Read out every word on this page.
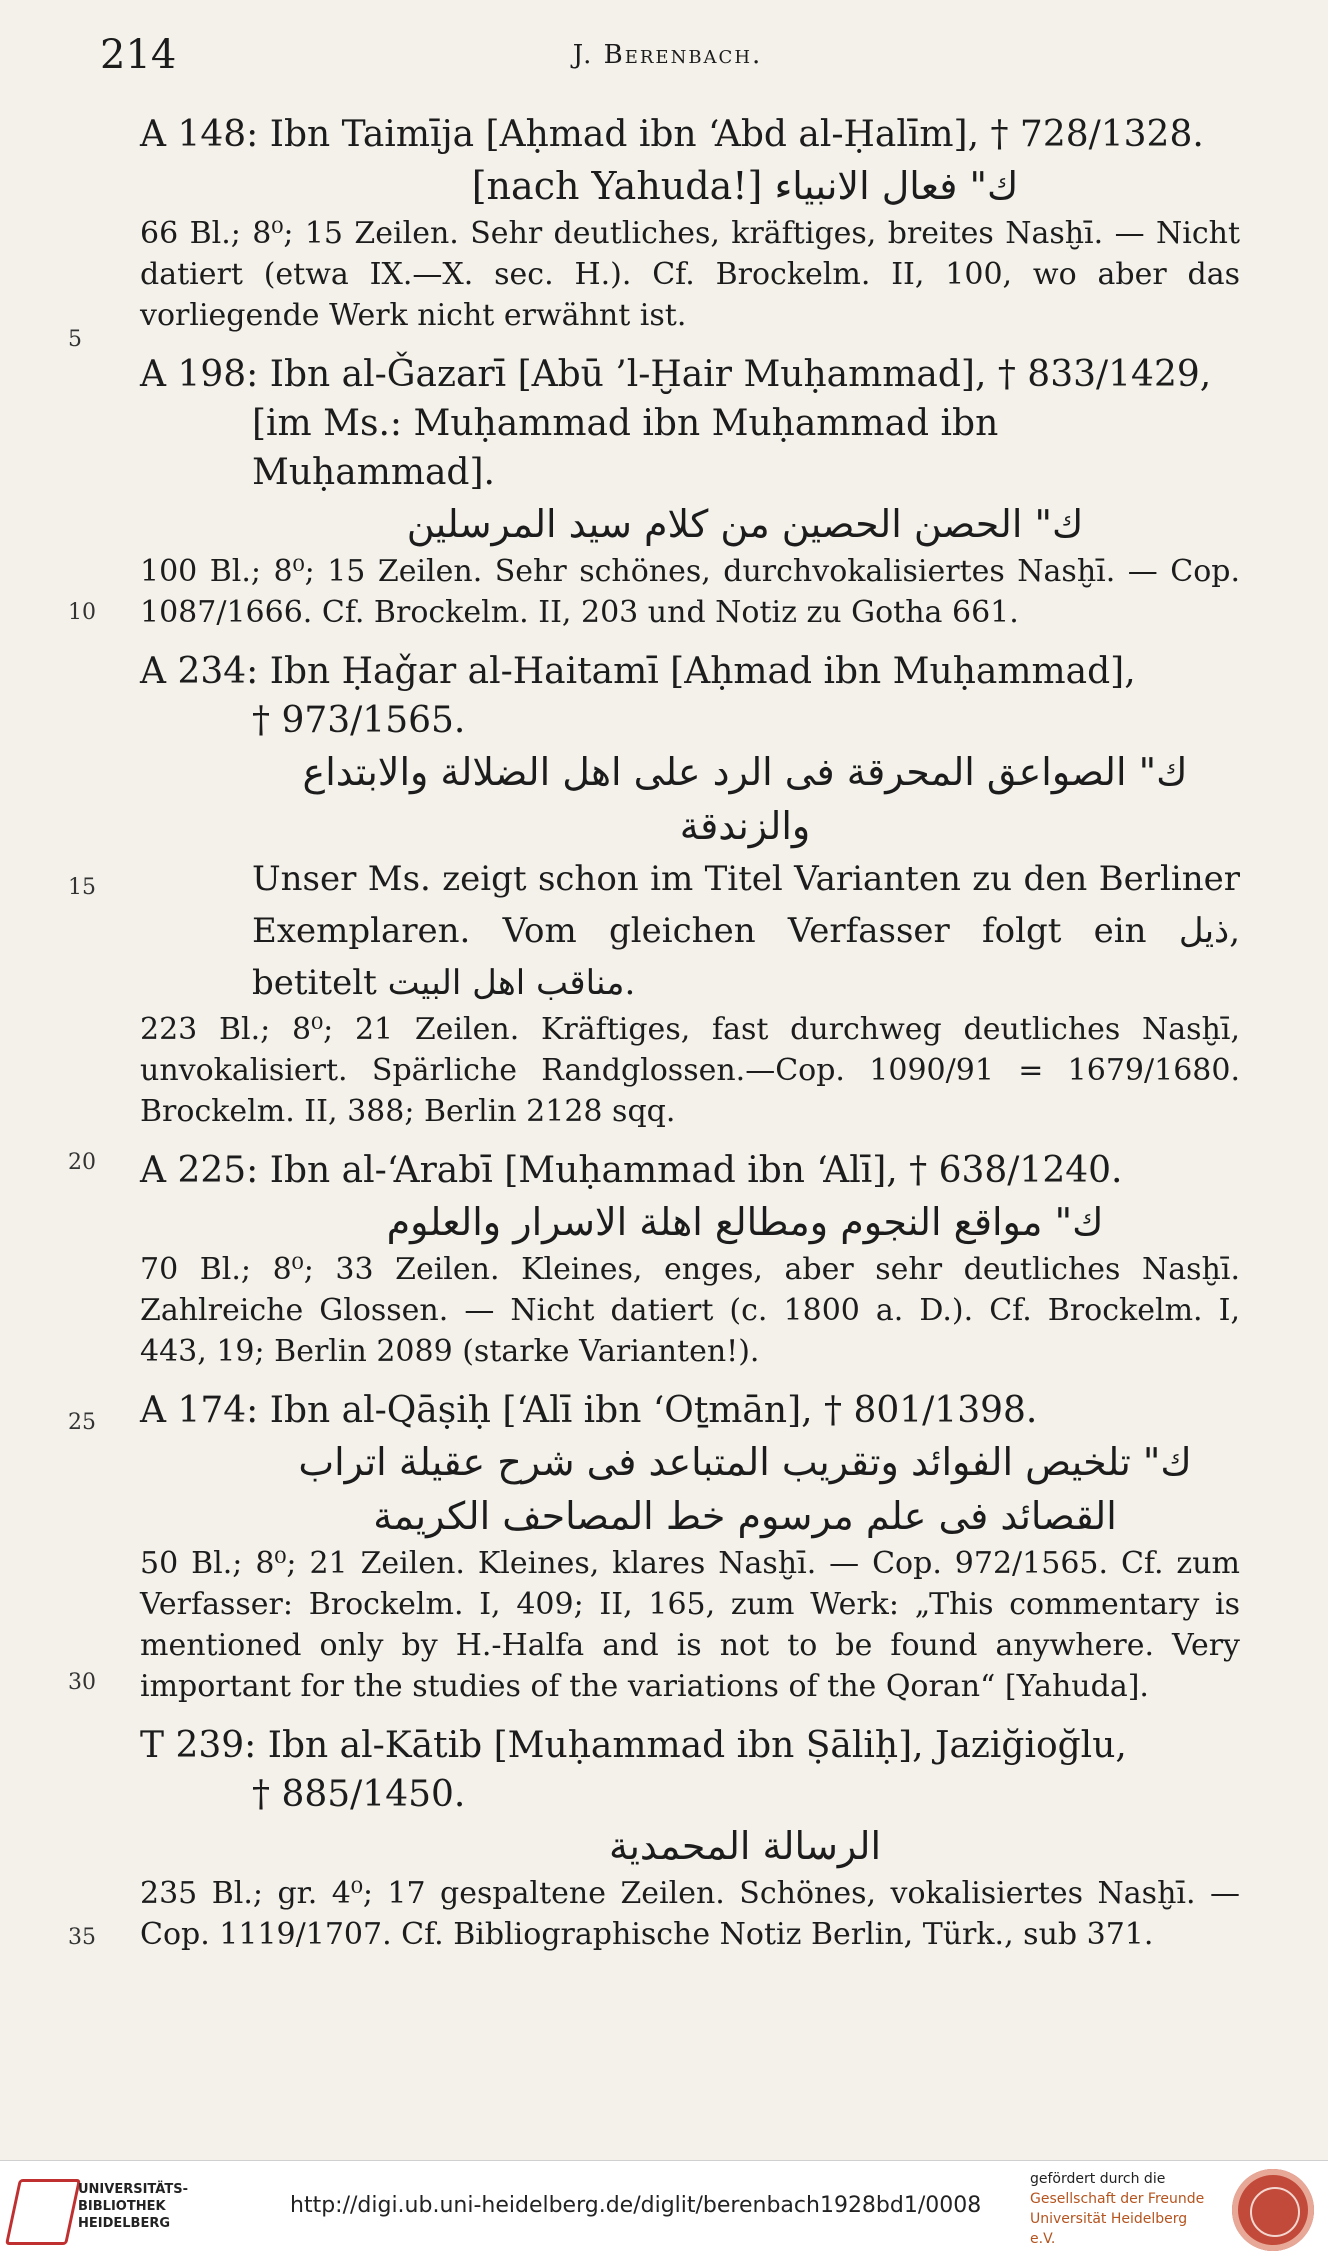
214	J. Berenbach.
5
10
15
20
25
30
35
A 148: Ibn Taimīja [Aḥmad ibn ‘Abd al-Ḥalīm], † 728/1328.
ك" فعال الانبياء [nach Yahuda!]
66 Bl.; 8⁰; 15 Zeilen. Sehr deutliches, kräftiges, breites Nasḫī. — Nicht datiert (etwa IX.—X. sec. H.). Cf. Brockelm. II, 100, wo aber das vorliegende Werk nicht erwähnt ist.
A 198: Ibn al-Ǧazarī [Abū ’l-Ḫair Muḥammad], † 833/1429,
[im Ms.: Muḥammad ibn Muḥammad ibn Muḥammad].
ك" الحصن الحصين من كلام سيد المرسلين
100 Bl.; 8⁰; 15 Zeilen. Sehr schönes, durchvokalisiertes Nasḫī. — Cop. 1087/1666. Cf. Brockelm. II, 203 und Notiz zu Gotha 661.
A 234: Ibn Ḥaǧar al-Haitamī [Aḥmad ibn Muḥammad],
† 973/1565.
ك" الصواعق المحرقة فى الرد على اهل الضلالة والابتداع والزندقة
Unser Ms. zeigt schon im Titel Varianten zu den Berliner Exemplaren. Vom gleichen Verfasser folgt ein ذيل, betitelt مناقب اهل البيت.
223 Bl.; 8⁰; 21 Zeilen. Kräftiges, fast durchweg deutliches Nasḫī, unvokalisiert. Spärliche Randglossen.—Cop. 1090/91 = 1679/1680. Brockelm. II, 388; Berlin 2128 sqq.
A 225: Ibn al-‘Arabī [Muḥammad ibn ‘Alī], † 638/1240.
ك" مواقع النجوم ومطالع اهلة الاسرار والعلوم
70 Bl.; 8⁰; 33 Zeilen. Kleines, enges, aber sehr deutliches Nasḫī. Zahlreiche Glossen. — Nicht datiert (c. 1800 a. D.). Cf. Brockelm. I, 443, 19; Berlin 2089 (starke Varianten!).
A 174: Ibn al-Qāṣiḥ [‘Alī ibn ‘Oṯmān], † 801/1398.
ك" تلخيص الفوائد وتقريب المتباعد فى شرح عقيلة اتراب
القصائد فى علم مرسوم خط المصاحف الكريمة
50 Bl.; 8⁰; 21 Zeilen. Kleines, klares Nasḫī. — Cop. 972/1565. Cf. zum Verfasser: Brockelm. I, 409; II, 165, zum Werk: „This commentary is mentioned only by H.-Halfa and is not to be found anywhere. Very important for the studies of the variations of the Qoran“ [Yahuda].
T 239: Ibn al-Kātib [Muḥammad ibn Ṣāliḥ], Jaziğioğlu,
† 885/1450.
الرسالة المحمدية
235 Bl.; gr. 4⁰; 17 gespaltene Zeilen. Schönes, vokalisiertes Nasḫī. — Cop. 1119/1707. Cf. Bibliographische Notiz Berlin, Türk., sub 371.
UNIVERSITÄTS-
BIBLIOTHEK
HEIDELBERG
http://digi.ub.uni-heidelberg.de/diglit/berenbach1928bd1/0008
gefördert durch die
Gesellschaft der Freunde
Universität Heidelberg e.V.
